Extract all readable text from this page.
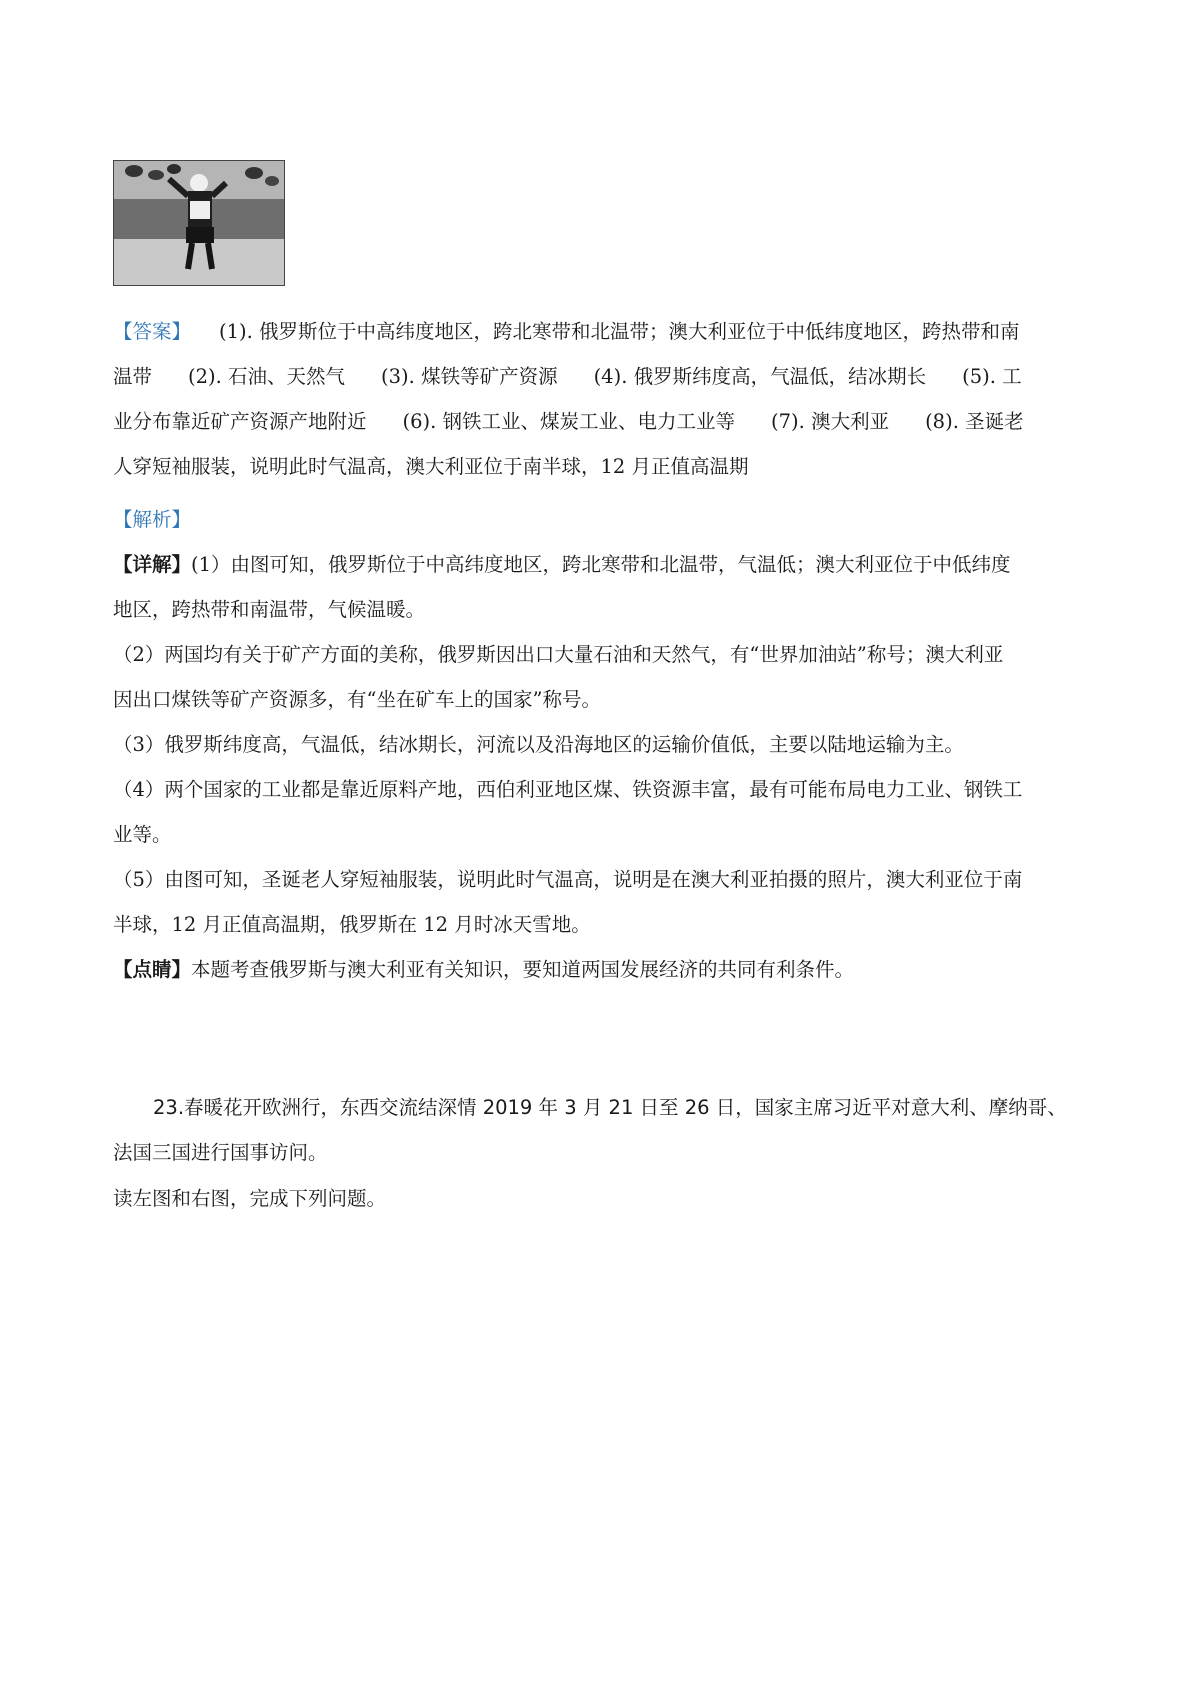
【答案】 (1). 俄罗斯位于中高纬度地区，跨北寒带和北温带；澳大利亚位于中低纬度地区，跨热带和南
温带 (2). 石油、天然气 (3). 煤铁等矿产资源 (4). 俄罗斯纬度高，气温低，结冰期长 (5). 工
业分布靠近矿产资源产地附近 (6). 钢铁工业、煤炭工业、电力工业等 (7). 澳大利亚 (8). 圣诞老
人穿短袖服装，说明此时气温高，澳大利亚位于南半球，12 月正值高温期

【解析】

【详解】(1）由图可知，俄罗斯位于中高纬度地区，跨北寒带和北温带，气温低；澳大利亚位于中低纬度

地区，跨热带和南温带，气候温暖。

（2）两国均有关于矿产方面的美称，俄罗斯因出口大量石油和天然气，有“世界加油站”称号；澳大利亚

因出口煤铁等矿产资源多，有“坐在矿车上的国家”称号。

（3）俄罗斯纬度高，气温低，结冰期长，河流以及沿海地区的运输价值低，主要以陆地运输为主。

（4）两个国家的工业都是靠近原料产地，西伯利亚地区煤、铁资源丰富，最有可能布局电力工业、钢铁工

业等。

（5）由图可知，圣诞老人穿短袖服装，说明此时气温高，说明是在澳大利亚拍摄的照片，澳大利亚位于南

半球，12 月正值高温期，俄罗斯在 12 月时冰天雪地。

【点睛】本题考查俄罗斯与澳大利亚有关知识，要知道两国发展经济的共同有利条件。

23.春暖花开欧洲行，东西交流结深情 2019 年 3 月 21 日至 26 日，国家主席习近平对意大利、摩纳哥、

法国三国进行国事访问。

读左图和右图，完成下列问题。
